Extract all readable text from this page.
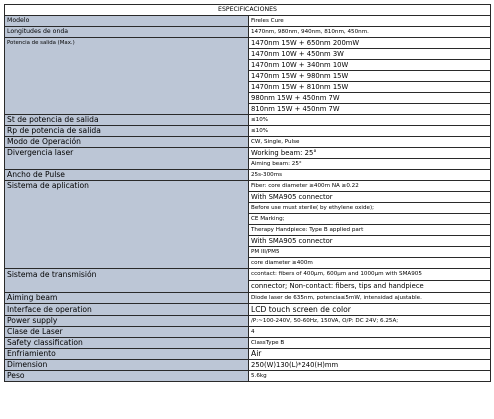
ESPECIFICACIONES	
Modelo	Fireles Cure
Longitudes de onda	1470nm, 980nm, 940nm, 810nm, 450nm.
Potencia de salida (Max.)	1470nm 15W + 650nm 200mW
	1470nm 10W + 450nm 3W
	1470nm 10W + 340nm 10W
	1470nm 15W + 980nm 15W
	1470nm 15W + 810nm 15W
	980nm 15W + 450nm 7W
	810nm 15W + 450nm 7W
St de potencia de salida	≤10%
Rp de potencia de salida	≤10%
Modo de Operación	CW, Single, Pulse
Divergencia laser	Working beam: 25°
	Aiming beam: 25°
Ancho de Pulse	25s-300ms
Sistema de aplication	Fiber: core diameter ≥400m NA ≥0.22
	With SMA905 connector
	Before use must sterile( by ethylene oxide);
	CE Marking;
	Therapy Handpiece: Type B applied part
	With SMA905 connector
	PM III/PM5
	core diameter ≥400m
Sistema de transmisión	ccontact: fibers of 400μm, 600μm and 1000μm with SMA905
	connector; Non-contact: fibers, tips and handpiece
Aiming beam	Diode laser de 635nm, potencia≤5mW, intensidad ajustable.
Interface de operation	LCD touch screen de color
Power supply	/P:~100-240V, 50-60Hz, 150VA, O/P: DC 24V; 6.25A;
Clase de Laser	4
Safety classification	ClassType B
Enfriamiento	Air
Dimension	250(W)130(L)*240(H)mm
Peso	5.6kg
